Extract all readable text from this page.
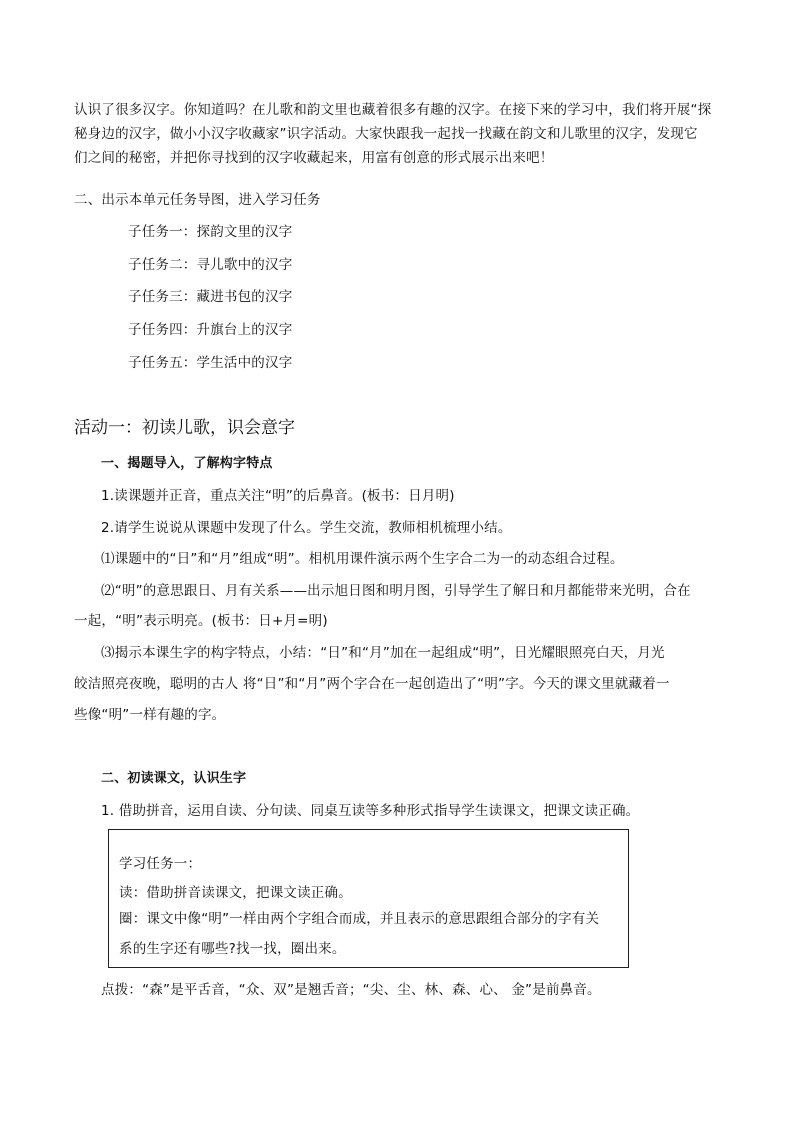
认识了很多汉字。你知道吗？在儿歌和韵文里也藏着很多有趣的汉字。在接下来的学习中，我们将开展“探
秘身边的汉字，做小小汉字收藏家”识字活动。大家快跟我一起找一找藏在韵文和儿歌里的汉字，发现它
们之间的秘密，并把你寻找到的汉字收藏起来，用富有创意的形式展示出来吧！
二、出示本单元任务导图，进入学习任务
子任务一：探韵文里的汉字
子任务二：寻儿歌中的汉字
子任务三：藏进书包的汉字
子任务四：升旗台上的汉字
子任务五：学生活中的汉字
活动一：初读儿歌，识会意字
一、揭题导入，了解构字特点
1.读课题并正音，重点关注“明”的后鼻音。(板书：日月明)
2.请学生说说从课题中发现了什么。学生交流，教师相机梳理小结。
⑴课题中的“日”和“月”组成“明”。相机用课件演示两个生字合二为一的动态组合过程。
⑵“明”的意思跟日、月有关系——出示旭日图和明月图，引导学生了解日和月都能带来光明，合在
一起，“明”表示明亮。(板书：日+月=明)
⑶揭示本课生字的构字特点，小结：“日”和“月”加在一起组成“明”，日光耀眼照亮白天，月光
皎洁照亮夜晚，聪明的古人 将“日”和“月”两个字合在一起创造出了“明”字。今天的课文里就藏着一
些像“明”一样有趣的字。
二、初读课文，认识生字
1. 借助拼音，运用自读、分句读、同桌互读等多种形式指导学生读课文，把课文读正确。
学习任务一：
读：借助拼音读课文，把课文读正确。
圈：课文中像“明”一样由两个字组合而成，并且表示的意思跟组合部分的字有关
系的生字还有哪些?找一找，圈出来。
点拨：“森”是平舌音，“众、双”是翘舌音；“尖、尘、林、森、心、 金”是前鼻音。
